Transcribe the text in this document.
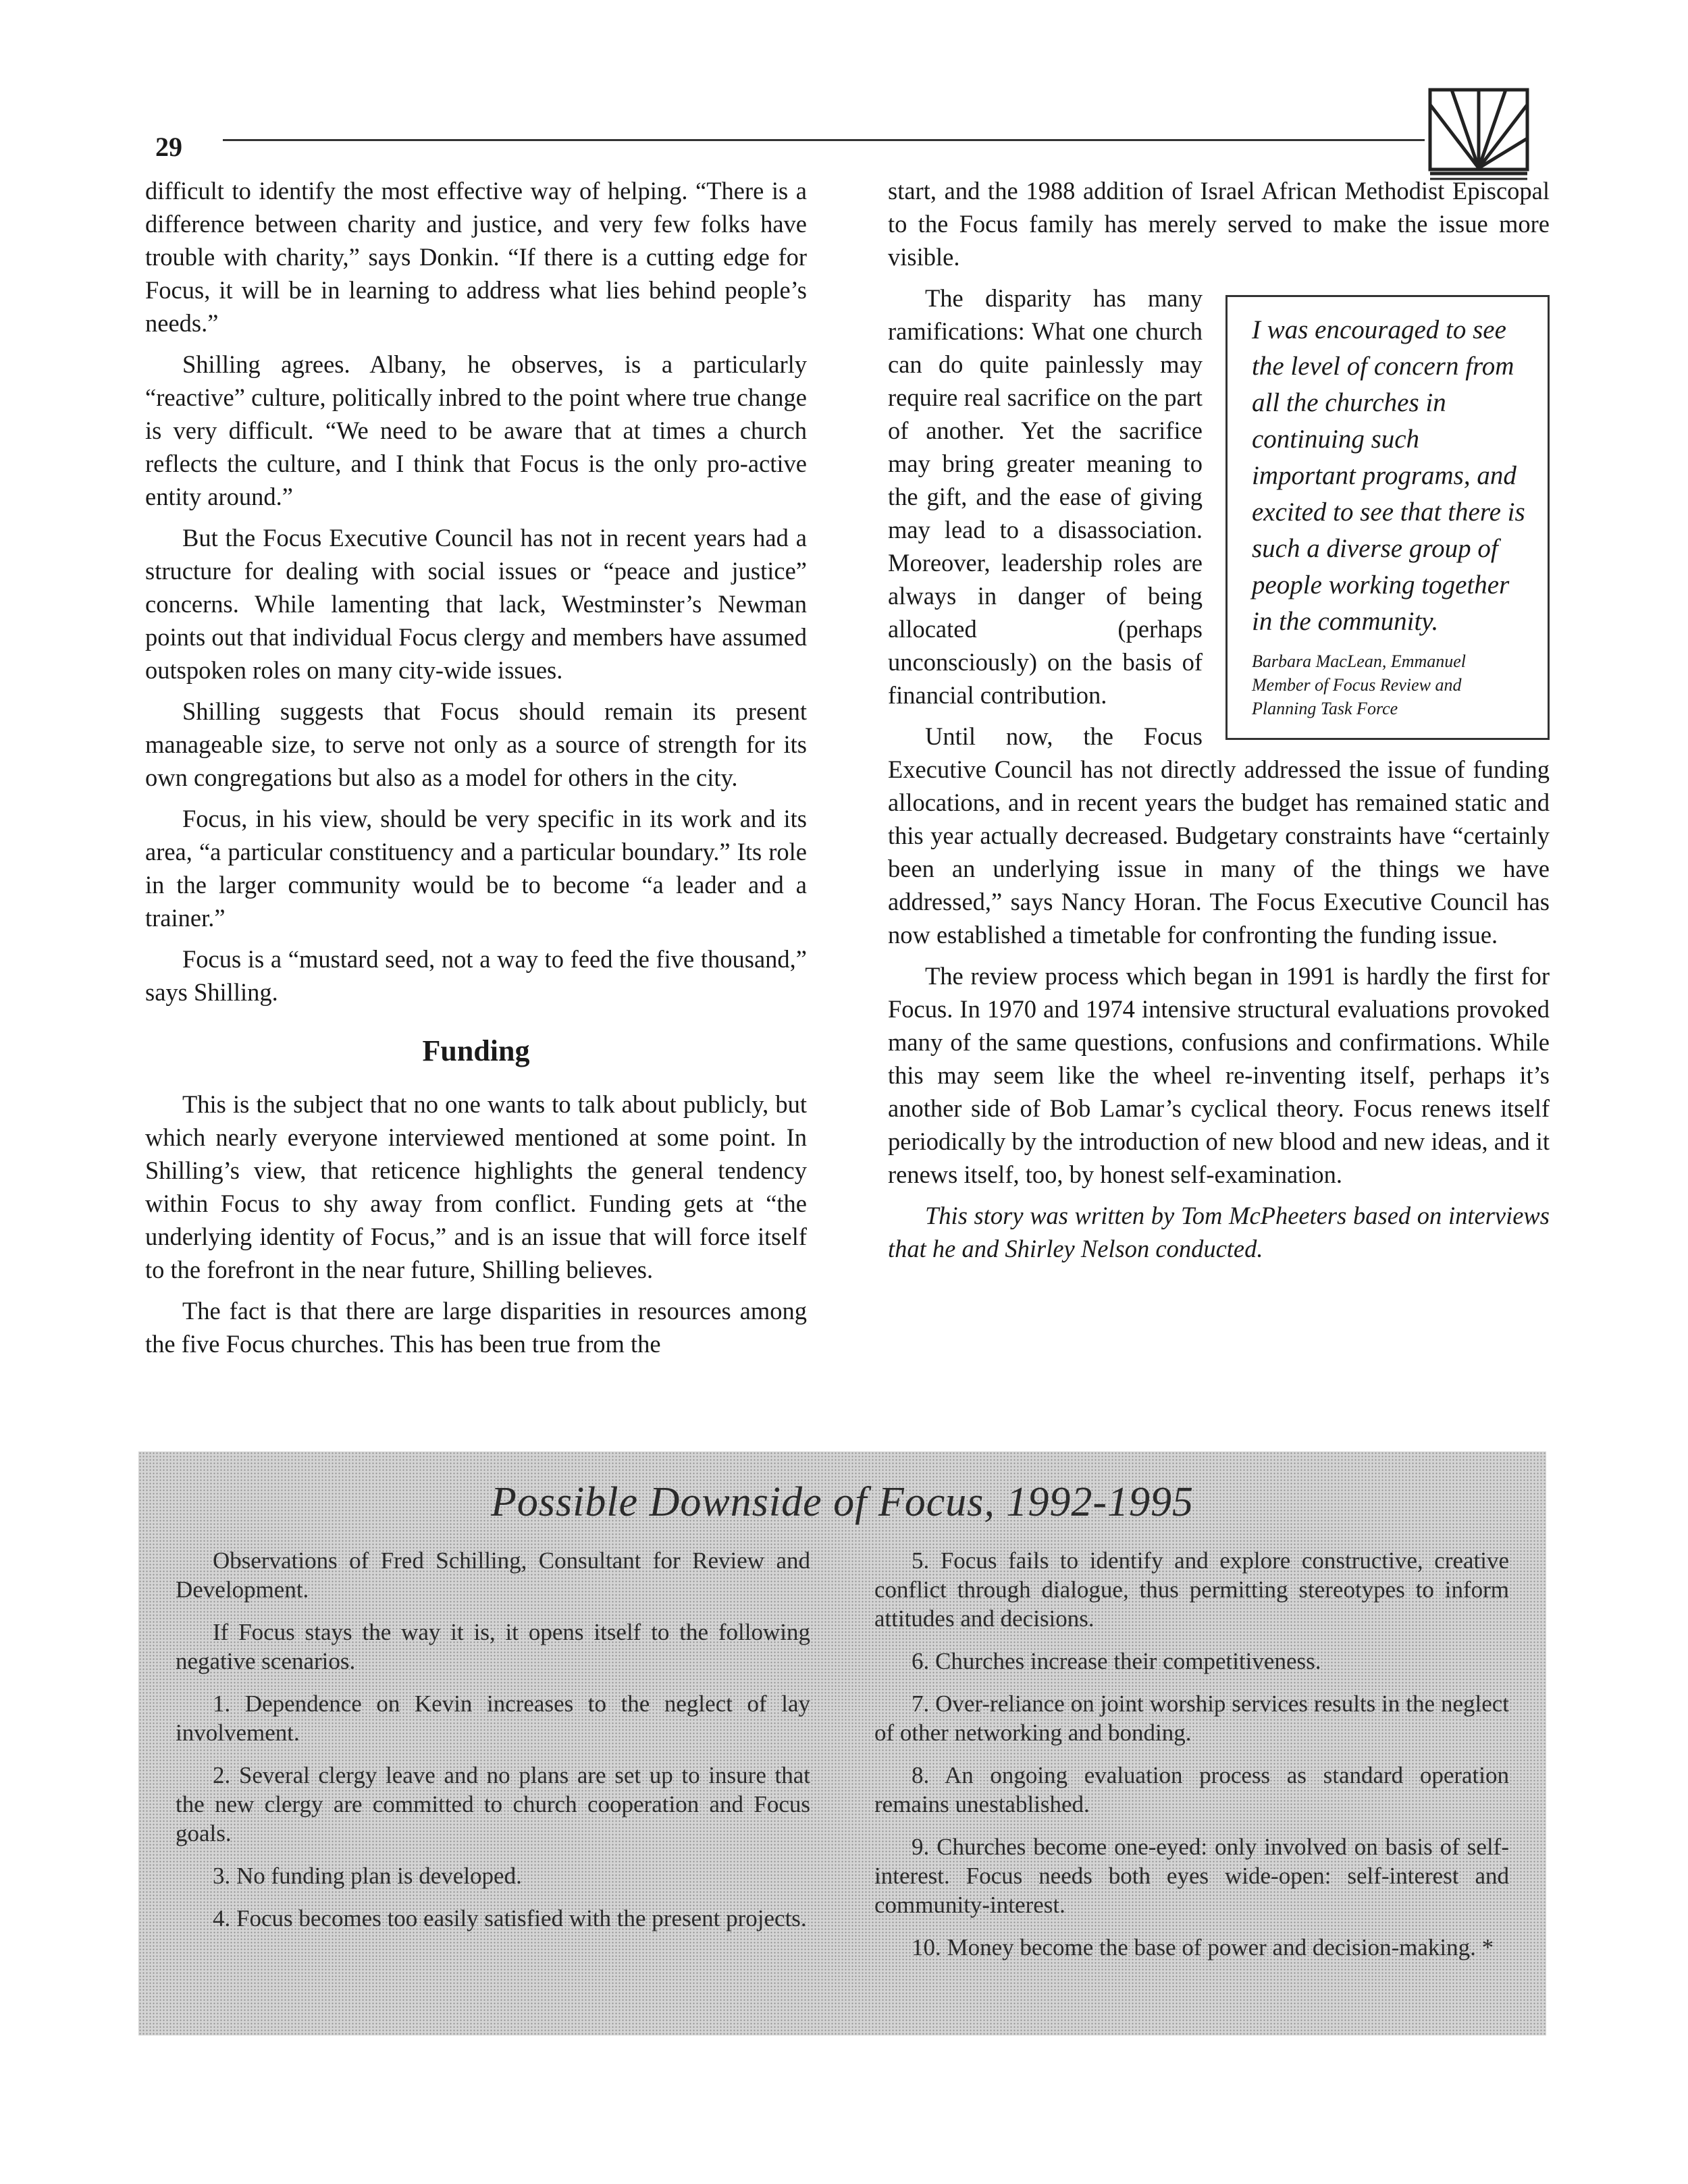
29

difficult to identify the most effective way of helping. “There is a difference between charity and justice, and very few folks have trouble with charity,” says Donkin. “If there is a cutting edge for Focus, it will be in learning to address what lies behind people’s needs.”

Shilling agrees. Albany, he observes, is a particularly “reactive” culture, politically inbred to the point where true change is very difficult. “We need to be aware that at times a church reflects the culture, and I think that Focus is the only pro-active entity around.”

But the Focus Executive Council has not in recent years had a structure for dealing with social issues or “peace and justice” concerns. While lamenting that lack, Westminster’s Newman points out that individual Focus clergy and members have assumed outspoken roles on many city-wide issues.

Shilling suggests that Focus should remain its present manageable size, to serve not only as a source of strength for its own congregations but also as a model for others in the city.

Focus, in his view, should be very specific in its work and its area, “a particular constituency and a particular boundary.” Its role in the larger community would be to become “a leader and a trainer.”

Focus is a “mustard seed, not a way to feed the five thousand,” says Shilling.

Funding

This is the subject that no one wants to talk about publicly, but which nearly everyone interviewed mentioned at some point. In Shilling’s view, that reticence highlights the general tendency within Focus to shy away from conflict. Funding gets at “the underlying identity of Focus,” and is an issue that will force itself to the forefront in the near future, Shilling believes.

The fact is that there are large disparities in resources among the five Focus churches. This has been true from the

start, and the 1988 addition of Israel African Methodist Episcopal to the Focus family has merely served to make the issue more visible.

I was encouraged to see the level of concern from all the churches in continuing such important programs, and excited to see that there is such a diverse group of people working together in the community.

Barbara MacLean, Emmanuel Member of Focus Review and Planning Task Force

The disparity has many ramifications: What one church can do quite painlessly may require real sacrifice on the part of another. Yet the sacrifice may bring greater meaning to the gift, and the ease of giving may lead to a disassociation. Moreover, leadership roles are always in danger of being allocated (perhaps unconsciously) on the basis of financial contribution.

Until now, the Focus Executive Council has not directly addressed the issue of funding allocations, and in recent years the budget has remained static and this year actually decreased. Budgetary constraints have “certainly been an underlying issue in many of the things we have addressed,” says Nancy Horan. The Focus Executive Council has now established a timetable for confronting the funding issue.

The review process which began in 1991 is hardly the first for Focus. In 1970 and 1974 intensive structural evaluations provoked many of the same questions, confusions and confirmations. While this may seem like the wheel re-inventing itself, perhaps it’s another side of Bob Lamar’s cyclical theory. Focus renews itself periodically by the introduction of new blood and new ideas, and it renews itself, too, by honest self-examination.

This story was written by Tom McPheeters based on interviews that he and Shirley Nelson conducted.

Possible Downside of Focus, 1992-1995

Observations of Fred Schilling, Consultant for Review and Development.

If Focus stays the way it is, it opens itself to the following negative scenarios.

1. Dependence on Kevin increases to the neglect of lay involvement.

2. Several clergy leave and no plans are set up to insure that the new clergy are committed to church cooperation and Focus goals.

3. No funding plan is developed.

4. Focus becomes too easily satisfied with the present projects.

5. Focus fails to identify and explore constructive, creative conflict through dialogue, thus permitting stereotypes to inform attitudes and decisions.

6. Churches increase their competitiveness.

7. Over-reliance on joint worship services results in the neglect of other networking and bonding.

8. An ongoing evaluation process as standard operation remains unestablished.

9. Churches become one-eyed: only involved on basis of self-interest. Focus needs both eyes wide-open: self-interest and community-interest.

10. Money become the base of power and decision-making. *
